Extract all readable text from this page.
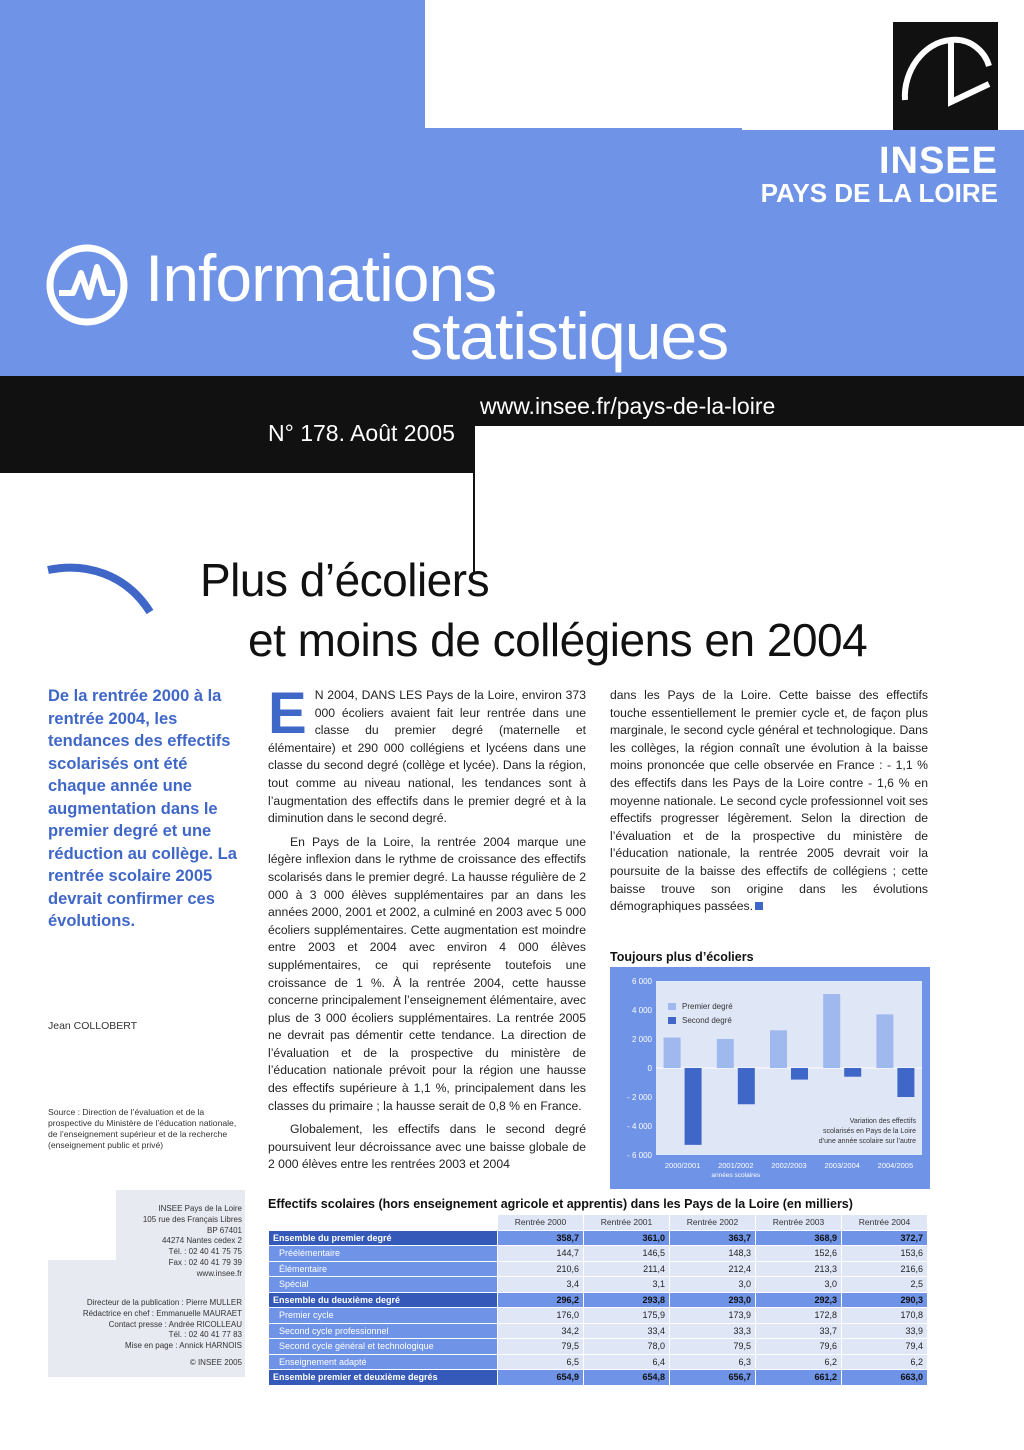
INSEE
PAYS DE LA LOIRE
Informations
statistiques
www.insee.fr/pays-de-la-loire
N° 178. Août 2005
Plus d’écoliers
et moins de collégiens en 2004
De la rentrée 2000 à la rentrée 2004, les tendances des effectifs scolarisés ont été chaque année une augmentation dans le premier degré et une réduction au collège. La rentrée scolaire 2005 devrait confirmer ces évolutions.
Jean COLLOBERT
Source : Direction de l’évaluation et de la prospective du Ministère de l’éducation nationale, de l’enseignement supérieur et de la recherche (enseignement public et privé)
INSEE Pays de la Loire
105 rue des Français Libres
BP 67401
44274 Nantes cedex 2
Tél. : 02 40 41 75 75
Fax : 02 40 41 79 39
www.insee.fr
Directeur de la publication : Pierre MULLER
Rédactrice en chef : Emmanuelle MAURAET
Contact presse : Andrée RICOLLEAU
Tél. : 02 40 41 77 83
Mise en page : Annick HARNOIS
© INSEE 2005

E N 2004, DANS LES Pays de la Loire, environ 373 000 écoliers avaient fait leur rentrée dans une classe du premier degré (maternelle et élémentaire) et 290 000 collégiens et lycéens dans une classe du second degré (collège et lycée). Dans la région, tout comme au niveau national, les tendances sont à l’augmentation des effectifs dans le premier degré et à la diminution dans le second degré.

En Pays de la Loire, la rentrée 2004 marque une légère inflexion dans le rythme de croissance des effectifs scolarisés dans le premier degré. La hausse régulière de 2 000 à 3 000 élèves supplémentaires par an dans les années 2000, 2001 et 2002, a culminé en 2003 avec 5 000 écoliers supplémentaires. Cette augmentation est moindre entre 2003 et 2004 avec environ 4 000 élèves supplémentaires, ce qui représente toutefois une croissance de 1 %. À la rentrée 2004, cette hausse concerne principalement l’enseignement élémentaire, avec plus de 3 000 écoliers supplémentaires. La rentrée 2005 ne devrait pas démentir cette tendance. La direction de l’évaluation et de la prospective du ministère de l’éducation nationale prévoit pour la région une hausse des effectifs supérieure à 1,1 %, principalement dans les classes du primaire ; la hausse serait de 0,8 % en France.

Globalement, les effectifs dans le second degré poursuivent leur décroissance avec une baisse globale de 2 000 élèves entre les rentrées 2003 et 2004

dans les Pays de la Loire. Cette baisse des effectifs touche essentiellement le premier cycle et, de façon plus marginale, le second cycle général et technologique. Dans les collèges, la région connaît une évolution à la baisse moins prononcée que celle observée en France : - 1,1 % des effectifs dans les Pays de la Loire contre - 1,6 % en moyenne nationale. Le second cycle professionnel voit ses effectifs progresser légèrement. Selon la direction de l’évaluation et de la prospective du ministère de l’éducation nationale, la rentrée 2005 devrait voir la poursuite de la baisse des effectifs de collégiens ; cette baisse trouve son origine dans les évolutions démographiques passées.

Toujours plus d’écoliers
6 000
4 000
2 000
0
- 2 000
- 4 000
- 6 000
2000/2001 2001/2002 2002/2003 2003/2004 2004/2005
années scolaires
Premier degré
Second degré
Variation des effectifs
scolarisés en Pays de la Loire
d’une année scolaire sur l’autre
Effectifs scolaires (hors enseignement agricole et apprentis) dans les Pays de la Loire (en milliers)
	Rentrée 2000	Rentrée 2001	Rentrée 2002	Rentrée 2003	Rentrée 2004
Ensemble du premier degré	358,7	361,0	363,7	368,9	372,7
Préélémentaire	144,7	146,5	148,3	152,6	153,6
Élémentaire	210,6	211,4	212,4	213,3	216,6
Spécial	3,4	3,1	3,0	3,0	2,5
Ensemble du deuxième degré	296,2	293,8	293,0	292,3	290,3
Premier cycle	176,0	175,9	173,9	172,8	170,8
Second cycle professionnel	34,2	33,4	33,3	33,7	33,9
Second cycle général et technologique	79,5	78,0	79,5	79,6	79,4
Enseignement adapté	6,5	6,4	6,3	6,2	6,2
Ensemble premier et deuxième degrés	654,9	654,8	656,7	661,2	663,0
